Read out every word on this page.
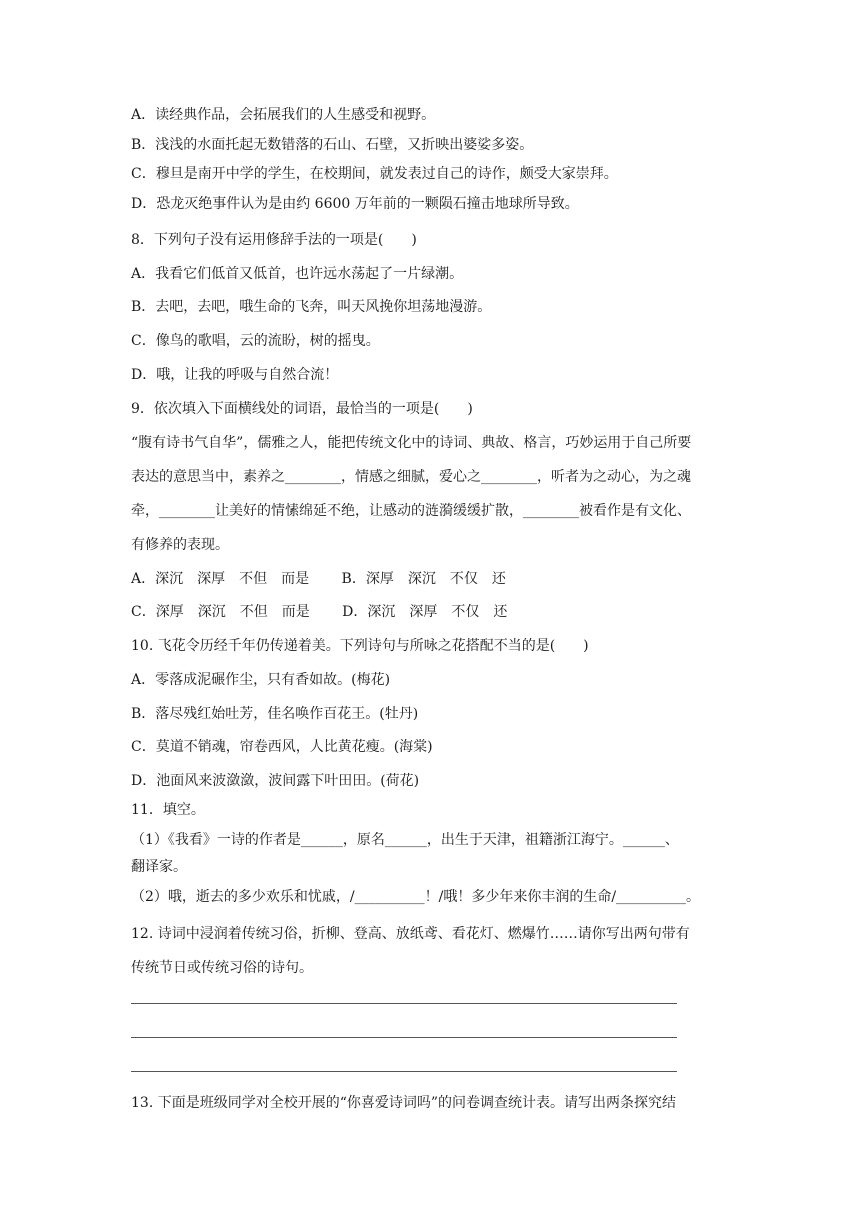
A．读经典作品，会拓展我们的人生感受和视野。
B．浅浅的水面托起无数错落的石山、石壁，又折映出婆娑多姿。
C．穆旦是南开中学的学生，在校期间，就发表过自己的诗作，颇受大家崇拜。
D．恐龙灭绝事件认为是由约 6600 万年前的一颗陨石撞击地球所导致。
8．下列句子没有运用修辞手法的一项是(　　)
A．我看它们低首又低首，也许远水荡起了一片绿潮。
B．去吧，去吧，哦生命的飞奔，叫天风挽你坦荡地漫游。
C．像鸟的歌唱，云的流盼，树的摇曳。
D．哦，让我的呼吸与自然合流！
9．依次填入下面横线处的词语，最恰当的一项是(　　)
“腹有诗书气自华”，儒雅之人，能把传统文化中的诗词、典故、格言，巧妙运用于自己所要
表达的意思当中，素养之________，情感之细腻，爱心之________，听者为之动心，为之魂
牵，________让美好的情愫绵延不绝，让感动的涟漪缓缓扩散，________被看作是有文化、
有修养的表现。
A．深沉　深厚　不但　而是　　 B．深厚　深沉　不仅　还
C．深厚　深沉　不但　而是　　 D．深沉　深厚　不仅　还
10. 飞花令历经千年仍传递着美。下列诗句与所咏之花搭配不当的是(　　)
A．零落成泥碾作尘，只有香如故。(梅花)
B．落尽残红始吐芳，佳名唤作百花王。(牡丹)
C．莫道不销魂，帘卷西风，人比黄花瘦。(海棠)
D．池面风来波潋潋，波间露下叶田田。(荷花)
11．填空。
（1）《我看》一诗的作者是______，原名______，出生于天津，祖籍浙江海宁。______、
翻译家。
（2）哦，逝去的多少欢乐和忧戚，/__________！/哦！多少年来你丰润的生命/__________。
12. 诗词中浸润着传统习俗，折柳、登高、放纸鸢、看花灯、燃爆竹……请你写出两句带有
传统节日或传统习俗的诗句。
13. 下面是班级同学对全校开展的“你喜爱诗词吗”的问卷调查统计表。请写出两条探究结
